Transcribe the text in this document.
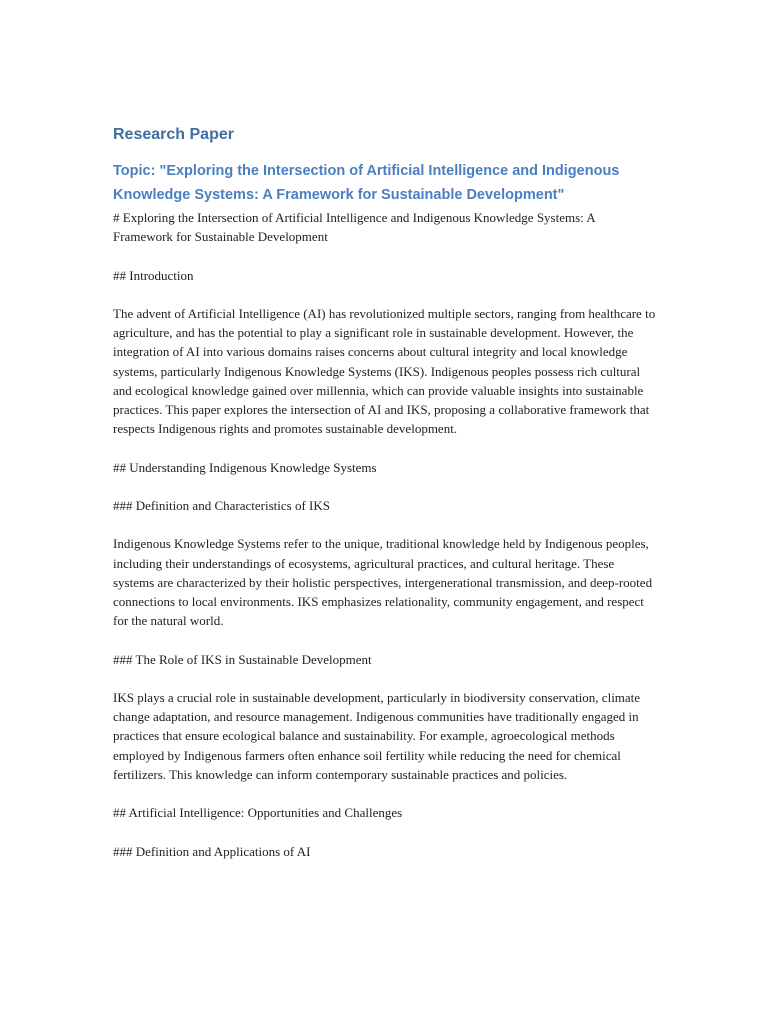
Research Paper
Topic: "Exploring the Intersection of Artificial Intelligence and Indigenous Knowledge Systems: A Framework for Sustainable Development"

# Exploring the Intersection of Artificial Intelligence and Indigenous Knowledge Systems: A Framework for Sustainable Development

## Introduction

The advent of Artificial Intelligence (AI) has revolutionized multiple sectors, ranging from healthcare to agriculture, and has the potential to play a significant role in sustainable development. However, the integration of AI into various domains raises concerns about cultural integrity and local knowledge systems, particularly Indigenous Knowledge Systems (IKS). Indigenous peoples possess rich cultural and ecological knowledge gained over millennia, which can provide valuable insights into sustainable practices. This paper explores the intersection of AI and IKS, proposing a collaborative framework that respects Indigenous rights and promotes sustainable development.

## Understanding Indigenous Knowledge Systems

### Definition and Characteristics of IKS

Indigenous Knowledge Systems refer to the unique, traditional knowledge held by Indigenous peoples, including their understandings of ecosystems, agricultural practices, and cultural heritage. These systems are characterized by their holistic perspectives, intergenerational transmission, and deep-rooted connections to local environments. IKS emphasizes relationality, community engagement, and respect for the natural world.

### The Role of IKS in Sustainable Development

IKS plays a crucial role in sustainable development, particularly in biodiversity conservation, climate change adaptation, and resource management. Indigenous communities have traditionally engaged in practices that ensure ecological balance and sustainability. For example, agroecological methods employed by Indigenous farmers often enhance soil fertility while reducing the need for chemical fertilizers. This knowledge can inform contemporary sustainable practices and policies.

## Artificial Intelligence: Opportunities and Challenges

### Definition and Applications of AI
